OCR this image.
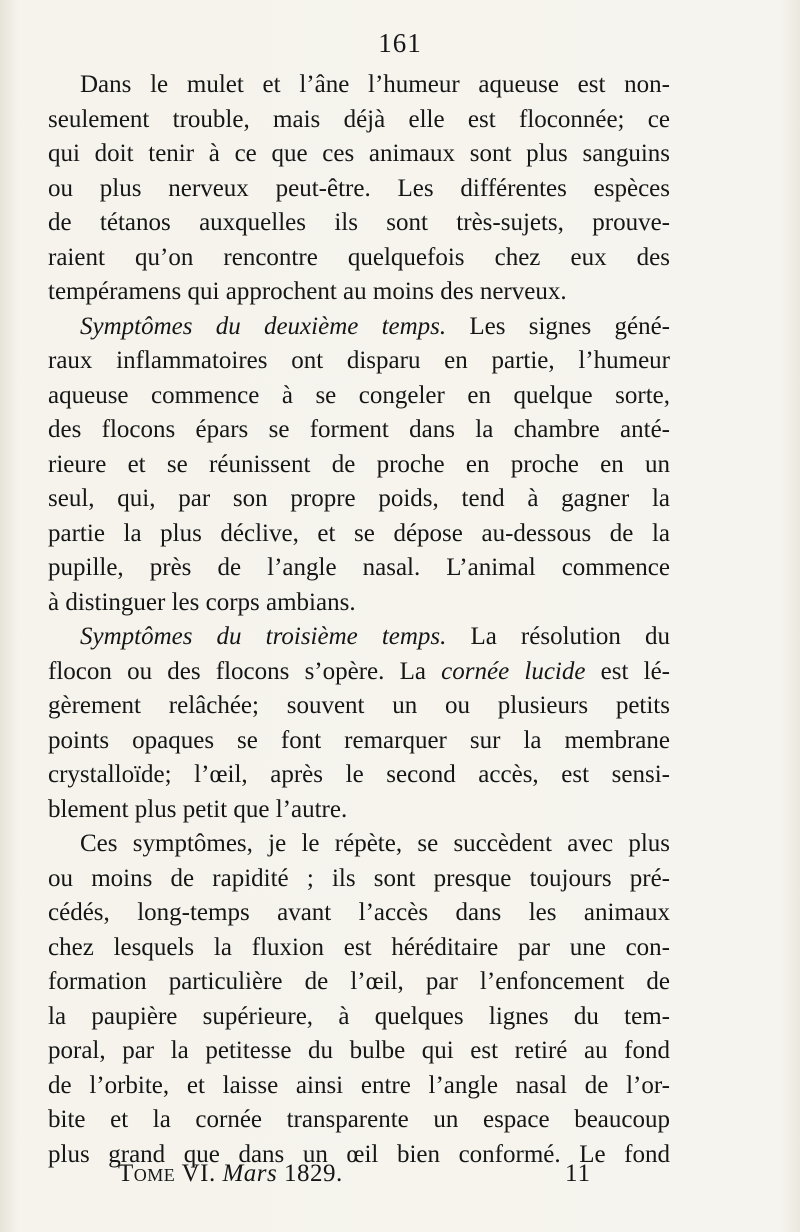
161
Dans le mulet et l’âne l’humeur aqueuse est non-
seulement trouble, mais déjà elle est floconnée; ce
qui doit tenir à ce que ces animaux sont plus sanguins
ou plus nerveux peut-être. Les différentes espèces
de tétanos auxquelles ils sont très-sujets, prouve-
raient qu’on rencontre quelquefois chez eux des
tempéramens qui approchent au moins des nerveux.
Symptômes du deuxième temps. Les signes géné-
raux inflammatoires ont disparu en partie, l’humeur
aqueuse commence à se congeler en quelque sorte,
des flocons épars se forment dans la chambre anté-
rieure et se réunissent de proche en proche en un
seul, qui, par son propre poids, tend à gagner la
partie la plus déclive, et se dépose au-dessous de la
pupille, près de l’angle nasal. L’animal commence
à distinguer les corps ambians.
Symptômes du troisième temps. La résolution du
flocon ou des flocons s’opère. La cornée lucide est lé-
gèrement relâchée; souvent un ou plusieurs petits
points opaques se font remarquer sur la membrane
crystalloïde; l’œil, après le second accès, est sensi-
blement plus petit que l’autre.
Ces symptômes, je le répète, se succèdent avec plus
ou moins de rapidité ; ils sont presque toujours pré-
cédés, long-temps avant l’accès dans les animaux
chez lesquels la fluxion est héréditaire par une con-
formation particulière de l’œil, par l’enfoncement de
la paupière supérieure, à quelques lignes du tem-
poral, par la petitesse du bulbe qui est retiré au fond
de l’orbite, et laisse ainsi entre l’angle nasal de l’or-
bite et la cornée transparente un espace beaucoup
plus grand que dans un œil bien conformé. Le fond
Tome VI. Mars 1829.	11
